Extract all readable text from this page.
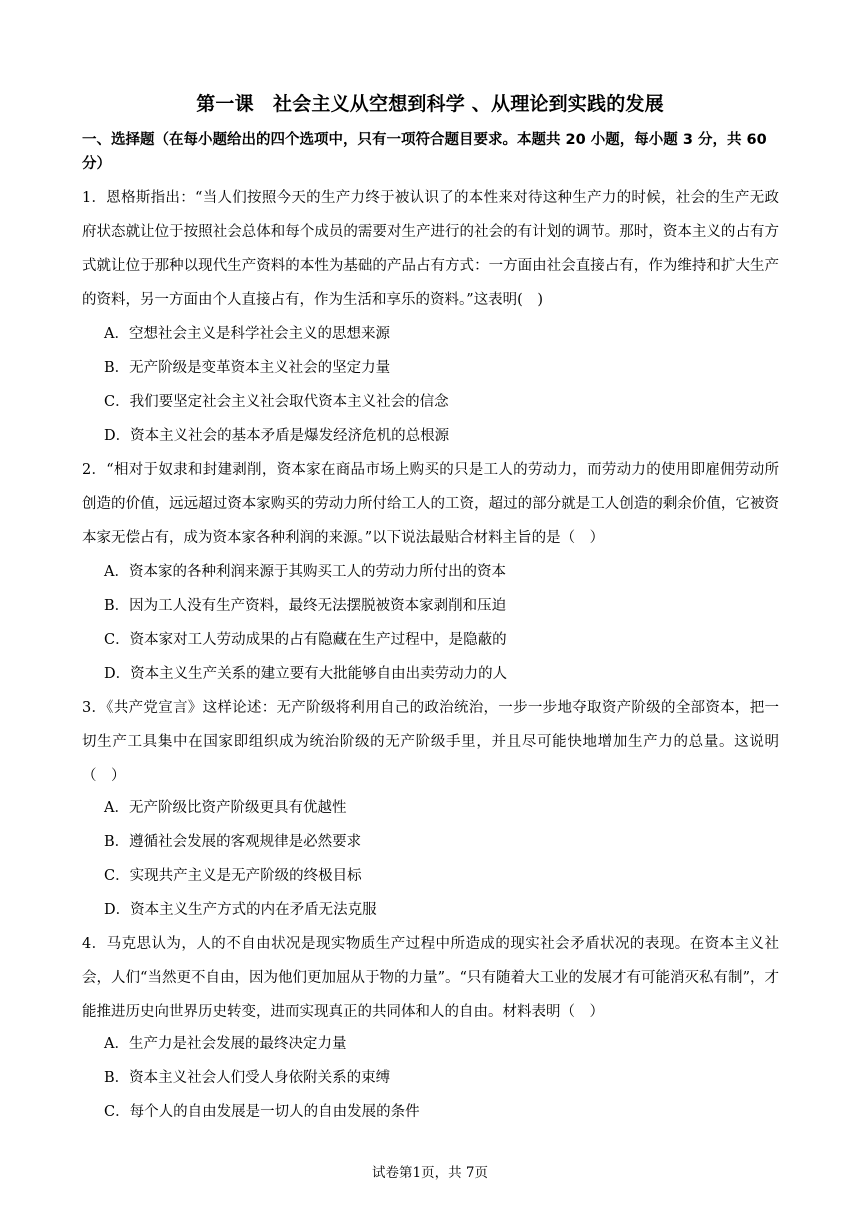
第一课　社会主义从空想到科学 、从理论到实践的发展
一、选择题（在每小题给出的四个选项中，只有一项符合题目要求。本题共 20 小题，每小题 3 分，共 60 分）
1．恩格斯指出：“当人们按照今天的生产力终于被认识了的本性来对待这种生产力的时候，社会的生产无政府状态就让位于按照社会总体和每个成员的需要对生产进行的社会的有计划的调节。那时，资本主义的占有方式就让位于那种以现代生产资料的本性为基础的产品占有方式：一方面由社会直接占有，作为维持和扩大生产的资料，另一方面由个人直接占有，作为生活和享乐的资料。”这表明(　)
A．空想社会主义是科学社会主义的思想来源
B．无产阶级是变革资本主义社会的坚定力量
C．我们要坚定社会主义社会取代资本主义社会的信念
D．资本主义社会的基本矛盾是爆发经济危机的总根源
2．“相对于奴隶和封建剥削，资本家在商品市场上购买的只是工人的劳动力，而劳动力的使用即雇佣劳动所创造的价值，远远超过资本家购买的劳动力所付给工人的工资，超过的部分就是工人创造的剩余价值，它被资本家无偿占有，成为资本家各种利润的来源。”以下说法最贴合材料主旨的是（　）
A．资本家的各种利润来源于其购买工人的劳动力所付出的资本
B．因为工人没有生产资料，最终无法摆脱被资本家剥削和压迫
C．资本家对工人劳动成果的占有隐藏在生产过程中，是隐蔽的
D．资本主义生产关系的建立要有大批能够自由出卖劳动力的人
3．《共产党宣言》这样论述：无产阶级将利用自己的政治统治，一步一步地夺取资产阶级的全部资本，把一切生产工具集中在国家即组织成为统治阶级的无产阶级手里，并且尽可能快地增加生产力的总量。这说明（　）
A．无产阶级比资产阶级更具有优越性
B．遵循社会发展的客观规律是必然要求
C．实现共产主义是无产阶级的终极目标
D．资本主义生产方式的内在矛盾无法克服
4．马克思认为，人的不自由状况是现实物质生产过程中所造成的现实社会矛盾状况的表现。在资本主义社会，人们“当然更不自由，因为他们更加屈从于物的力量”。“只有随着大工业的发展才有可能消灭私有制”，才能推进历史向世界历史转变，进而实现真正的共同体和人的自由。材料表明（　）
A．生产力是社会发展的最终决定力量
B．资本主义社会人们受人身依附关系的束缚
C．每个人的自由发展是一切人的自由发展的条件
试卷第1页，共 7页
